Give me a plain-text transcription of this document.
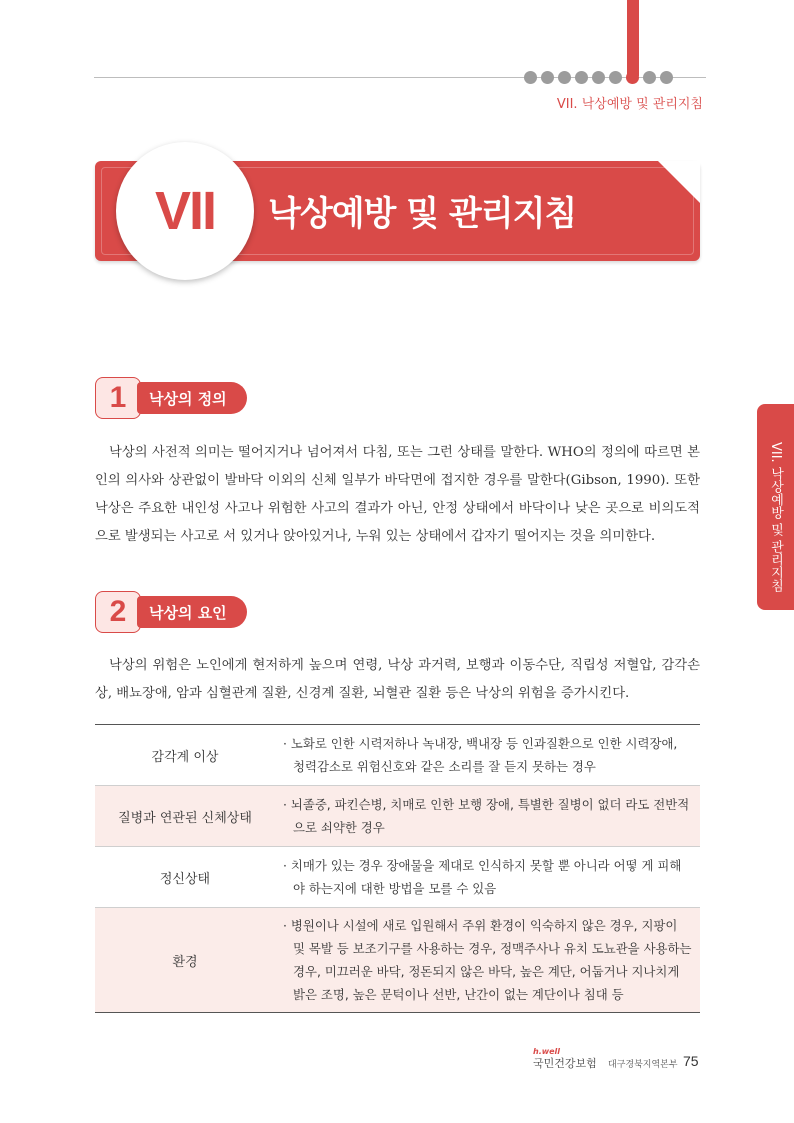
VII. 낙상예방 및 관리지침
VII 낙상예방 및 관리지침
VII. 낙상예방 및 관리지침
1	낙상의 정의

낙상의 사전적 의미는 떨어지거나 넘어져서 다침, 또는 그런 상태를 말한다. WHO의 정의에 따르면 본인의 의사와 상관없이 발바닥 이외의 신체 일부가 바닥면에 접지한 경우를 말한다(Gibson, 1990). 또한 낙상은 주요한 내인성 사고나 위험한 사고의 결과가 아닌, 안정 상태에서 바닥이나 낮은 곳으로 비의도적으로 발생되는 사고로 서 있거나 앉아있거나, 누워 있는 상태에서 갑자기 떨어지는 것을 의미한다.

2	낙상의 요인

낙상의 위험은 노인에게 현저하게 높으며 연령, 낙상 과거력, 보행과 이동수단, 직립성 저혈압, 감각손상, 배뇨장애, 암과 심혈관계 질환, 신경계 질환, 뇌혈관 질환 등은 낙상의 위험을 증가시킨다.

감각계 이상
· 노화로 인한 시력저하나 녹내장, 백내장 등 인과질환으로 인한 시력장애, 청력감소로 위험신호와 같은 소리를 잘 듣지 못하는 경우
질병과 연관된 신체상태
· 뇌졸중, 파킨슨병, 치매로 인한 보행 장애, 특별한 질병이 없더 라도 전반적으로 쇠약한 경우
정신상태
· 치매가 있는 경우 장애물을 제대로 인식하지 못할 뿐 아니라 어떻 게 피해야 하는지에 대한 방법을 모를 수 있음
환경
· 병원이나 시설에 새로 입원해서 주위 환경이 익숙하지 않은 경우, 지팡이 및 목발 등 보조기구를 사용하는 경우, 정맥주사나 유치 도뇨관을 사용하는 경우, 미끄러운 바닥, 정돈되지 않은 바닥, 높은 계단, 어둡거나 지나치게 밝은 조명, 높은 문턱이나 선반, 난간이 없는 계단이나 침대 등
h.well
국민건강보험 대구경북지역본부 75
